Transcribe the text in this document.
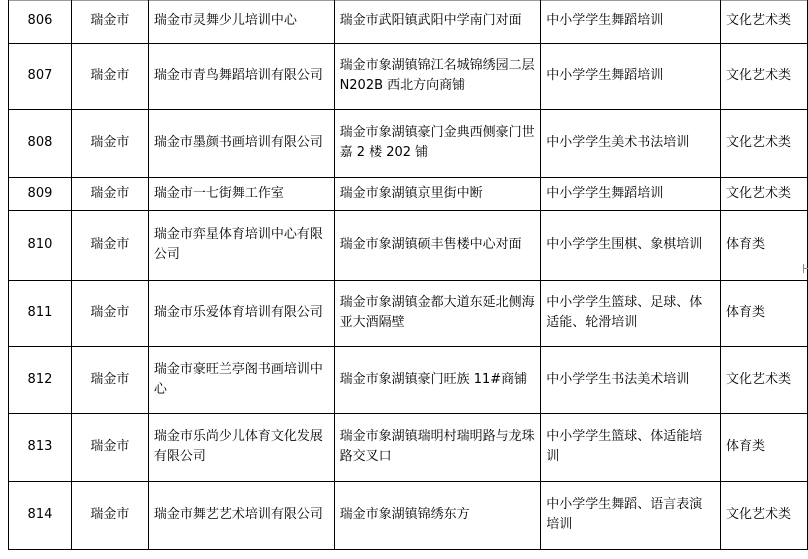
806	瑞金市	瑞金市灵舞少儿培训中心	瑞金市武阳镇武阳中学南门对面	中小学学生舞蹈培训	文化艺术类
807	瑞金市	瑞金市青鸟舞蹈培训有限公司	瑞金市象湖镇锦江名城锦绣园二层N202B 西北方向商铺	中小学学生舞蹈培训	文化艺术类
808	瑞金市	瑞金市墨颜书画培训有限公司	瑞金市象湖镇豪门金典西侧豪门世嘉 2 楼 202 铺	中小学学生美术书法培训	文化艺术类
809	瑞金市	瑞金市一七街舞工作室	瑞金市象湖镇京里街中断	中小学学生舞蹈培训	文化艺术类
810	瑞金市	瑞金市弈星体育培训中心有限公司	瑞金市象湖镇硕丰售楼中心对面	中小学学生围棋、象棋培训	体育类
811	瑞金市	瑞金市乐爱体育培训有限公司	瑞金市象湖镇金都大道东延北侧海亚大酒隔壁	中小学学生篮球、足球、体适能、轮滑培训	体育类
812	瑞金市	瑞金市豪旺兰亭阁书画培训中心	瑞金市象湖镇豪门旺族 11#商铺	中小学学生书法美术培训	文化艺术类
813	瑞金市	瑞金市乐尚少儿体育文化发展有限公司	瑞金市象湖镇瑞明村瑞明路与龙珠路交叉口	中小学学生篮球、体适能培训	体育类
814	瑞金市	瑞金市舞艺艺术培训有限公司	瑞金市象湖镇锦绣东方	中小学学生舞蹈、语言表演培训	文化艺术类
